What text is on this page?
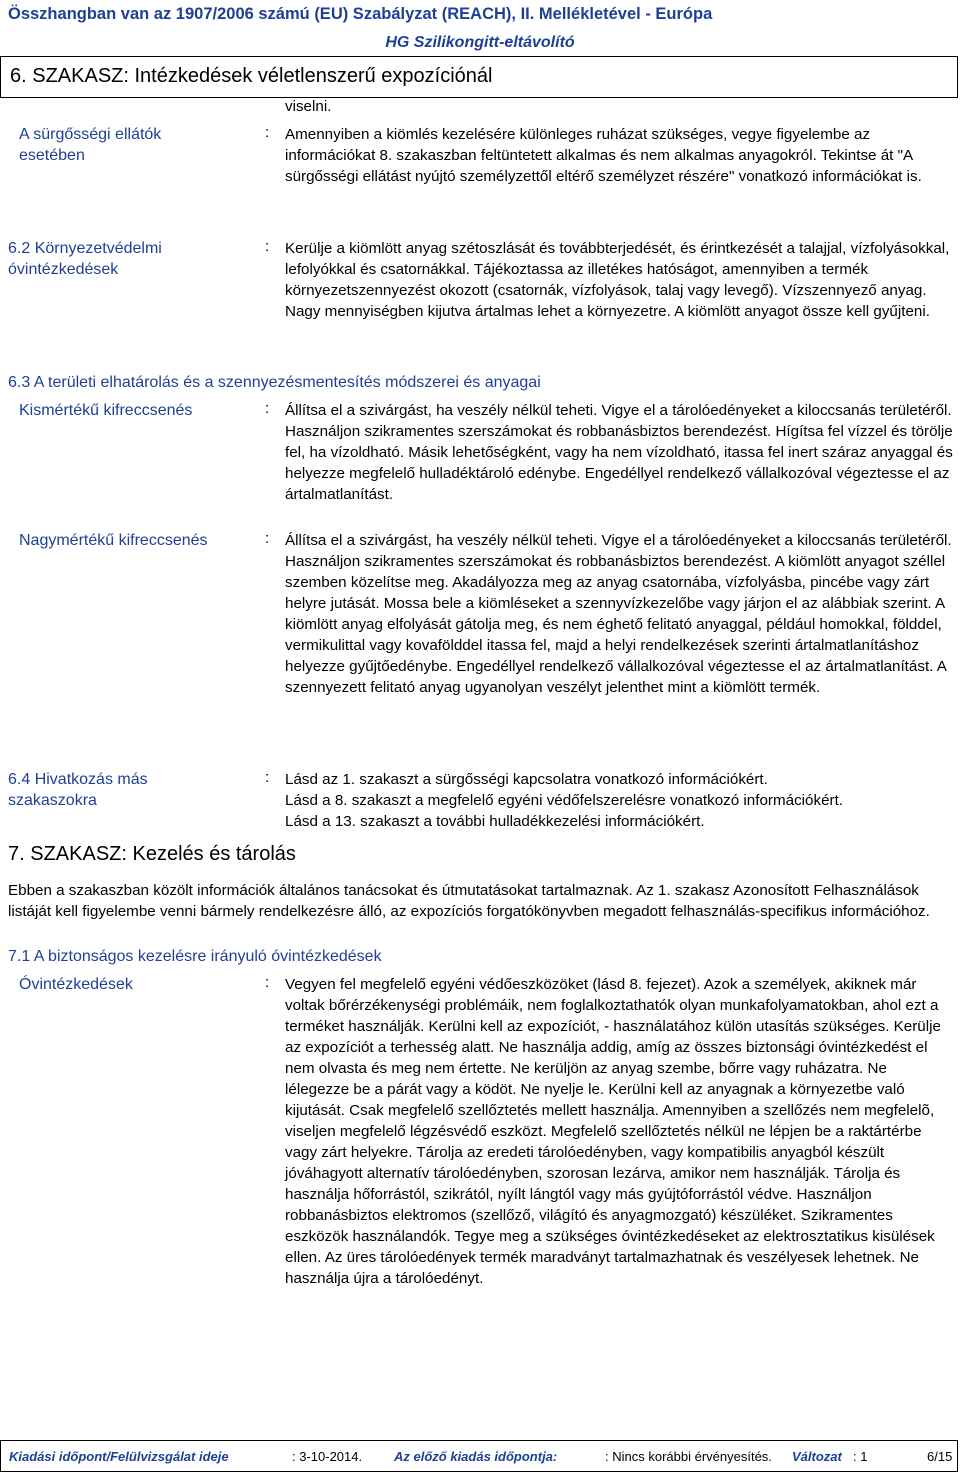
Összhangban van az 1907/2006 számú (EU) Szabályzat (REACH), II. Mellékletével - Európa
HG Szilikongitt-eltávolító
6. SZAKASZ: Intézkedések véletlenszerű expozíciónál
viselni.
A sürgősségi ellátók esetében
: Amennyiben a kiömlés kezelésére különleges ruházat szükséges, vegye figyelembe az információkat 8. szakaszban feltüntetett alkalmas és nem alkalmas anyagokról. Tekintse át "A sürgősségi ellátást nyújtó személyzettől eltérő személyzet részére" vonatkozó információkat is.
6.2 Környezetvédelmi óvintézkedések
: Kerülje a kiömlött anyag szétoszlását és továbbterjedését, és érintkezését a talajjal, vízfolyásokkal, lefolyókkal és csatornákkal. Tájékoztassa az illetékes hatóságot, amennyiben a termék környezetszennyezést okozott (csatornák, vízfolyások, talaj vagy levegő). Vízszennyező anyag. Nagy mennyiségben kijutva ártalmas lehet a környezetre. A kiömlött anyagot össze kell gyűjteni.
6.3 A területi elhatárolás és a szennyezésmentesítés módszerei és anyagai
Kismértékű kifreccsenés	: Állítsa el a szivárgást, ha veszély nélkül teheti. Vigye el a tárolóedényeket a kiloccsanás területéről. Használjon szikramentes szerszámokat és robbanásbiztos berendezést. Hígítsa fel vízzel és törölje fel, ha vízoldható. Másik lehetőségként, vagy ha nem vízoldható, itassa fel inert száraz anyaggal és helyezze megfelelő hulladéktároló edénybe. Engedéllyel rendelkező vállalkozóval végeztesse el az ártalmatlanítást.
Nagymértékű kifreccsenés	: Állítsa el a szivárgást, ha veszély nélkül teheti. Vigye el a tárolóedényeket a kiloccsanás területéről. Használjon szikramentes szerszámokat és robbanásbiztos berendezést. A kiömlött anyagot széllel szemben közelítse meg. Akadályozza meg az anyag csatornába, vízfolyásba, pincébe vagy zárt helyre jutását. Mossa bele a kiömléseket a szennyvízkezelőbe vagy járjon el az alábbiak szerint. A kiömlött anyag elfolyását gátolja meg, és nem éghető felitató anyaggal, például homokkal, földdel, vermikulittal vagy kovafölddel itassa fel, majd a helyi rendelkezések szerinti ártalmatlanításhoz helyezze gyűjtőedénybe. Engedéllyel rendelkező vállalkozóval végeztesse el az ártalmatlanítást. A szennyezett felitató anyag ugyanolyan veszélyt jelenthet mint a kiömlött termék.
6.4 Hivatkozás más szakaszokra
: Lásd az 1. szakaszt a sürgősségi kapcsolatra vonatkozó információkért.
Lásd a 8. szakaszt a megfelelő egyéni védőfelszerelésre vonatkozó információkért.
Lásd a 13. szakaszt a további hulladékkezelési információkért.
7. SZAKASZ: Kezelés és tárolás
Ebben a szakaszban közölt információk általános tanácsokat és útmutatásokat tartalmaznak. Az 1. szakasz Azonosított Felhasználások listáját kell figyelembe venni bármely rendelkezésre álló, az expozíciós forgatókönyvben megadott felhasználás-specifikus információhoz.
7.1 A biztonságos kezelésre irányuló óvintézkedések
Óvintézkedések	: Vegyen fel megfelelő egyéni védőeszközöket (lásd 8. fejezet). Azok a személyek, akiknek már voltak bőrérzékenységi problémáik, nem foglalkoztathatók olyan munkafolyamatokban, ahol ezt a terméket használják. Kerülni kell az expozíciót, - használatához külön utasítás szükséges. Kerülje az expozíciót a terhesség alatt. Ne használja addig, amíg az összes biztonsági óvintézkedést el nem olvasta és meg nem értette. Ne kerüljön az anyag szembe, bőrre vagy ruházatra. Ne lélegezze be a párát vagy a ködöt. Ne nyelje le. Kerülni kell az anyagnak a környezetbe való kijutását. Csak megfelelő szellőztetés mellett használja. Amennyiben a szellőzés nem megfelelõ, viseljen megfelelő légzésvédő eszközt. Megfelelő szellőztetés nélkül ne lépjen be a raktártérbe vagy zárt helyekre. Tárolja az eredeti tárolóedényben, vagy kompatibilis anyagból készült jóváhagyott alternatív tárolóedényben, szorosan lezárva, amikor nem használják. Tárolja és használja hőforrástól, szikrától, nyílt lángtól vagy más gyújtóforrástól védve. Használjon robbanásbiztos elektromos (szellőző, világító és anyagmozgató) készüléket. Szikramentes eszközök használandók. Tegye meg a szükséges óvintézkedéseket az elektrosztatikus kisülések ellen. Az üres tárolóedények termék maradványt tartalmazhatnak és veszélyesek lehetnek. Ne használja újra a tárolóedényt.
Kiadási időpont/Felülvizsgálat ideje	: 3-10-2014. Az előző kiadás időpontja:	: Nincs korábbi érvényesítés. Változat : 1	6/15
